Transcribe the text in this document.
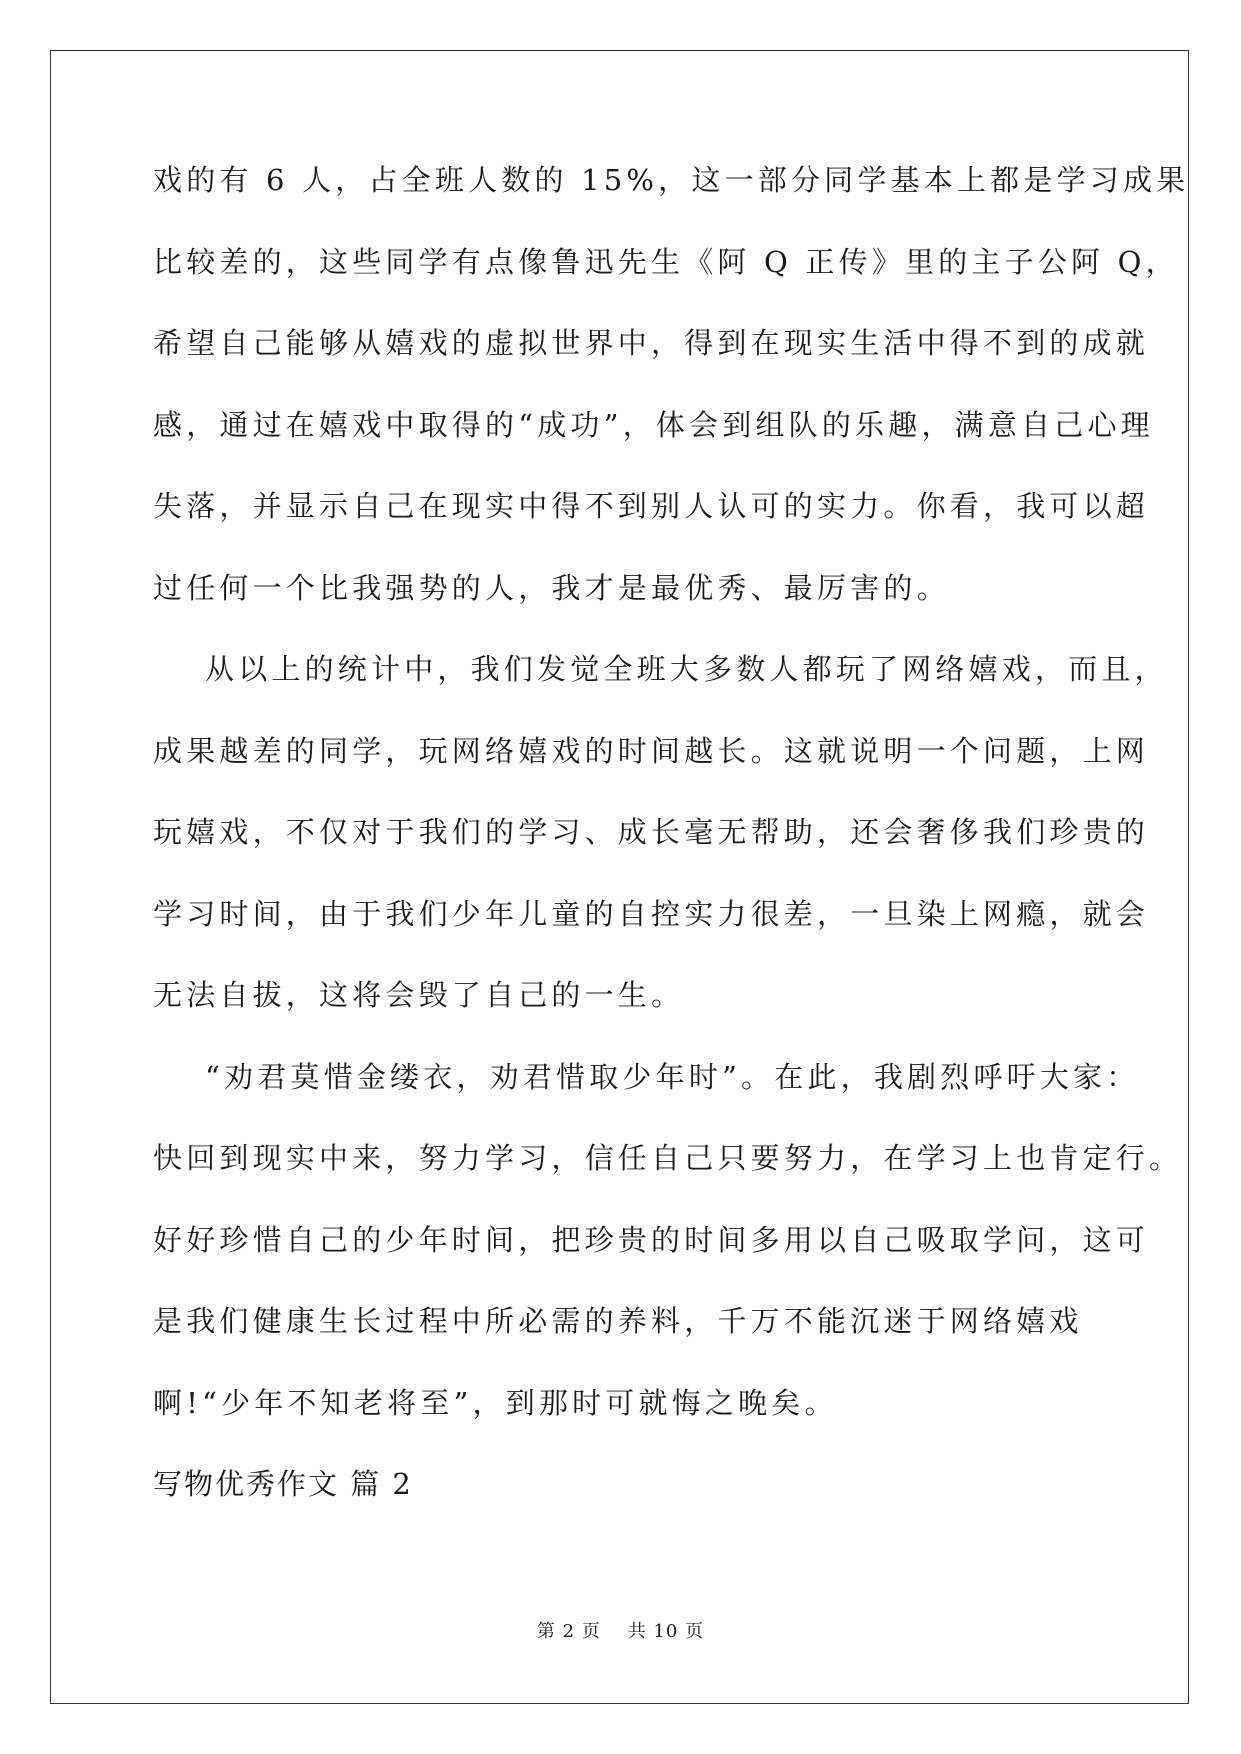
戏的有 6 人，占全班人数的 15%，这一部分同学基本上都是学习成果
比较差的，这些同学有点像鲁迅先生《阿 Q 正传》里的主子公阿 Q，
希望自己能够从嬉戏的虚拟世界中，得到在现实生活中得不到的成就
感，通过在嬉戏中取得的“成功”，体会到组队的乐趣，满意自己心理
失落，并显示自己在现实中得不到别人认可的实力。你看，我可以超
过任何一个比我强势的人，我才是最优秀、最厉害的。
从以上的统计中，我们发觉全班大多数人都玩了网络嬉戏，而且，
成果越差的同学，玩网络嬉戏的时间越长。这就说明一个问题，上网
玩嬉戏，不仅对于我们的学习、成长毫无帮助，还会奢侈我们珍贵的
学习时间，由于我们少年儿童的自控实力很差，一旦染上网瘾，就会
无法自拔，这将会毁了自己的一生。
“劝君莫惜金缕衣，劝君惜取少年时”。在此，我剧烈呼吁大家：
快回到现实中来，努力学习，信任自己只要努力，在学习上也肯定行。
好好珍惜自己的少年时间，把珍贵的时间多用以自己吸取学问，这可
是我们健康生长过程中所必需的养料，千万不能沉迷于网络嬉戏
啊!“少年不知老将至”，到那时可就悔之晚矣。
写物优秀作文 篇 2
第 2 页 共 10 页
